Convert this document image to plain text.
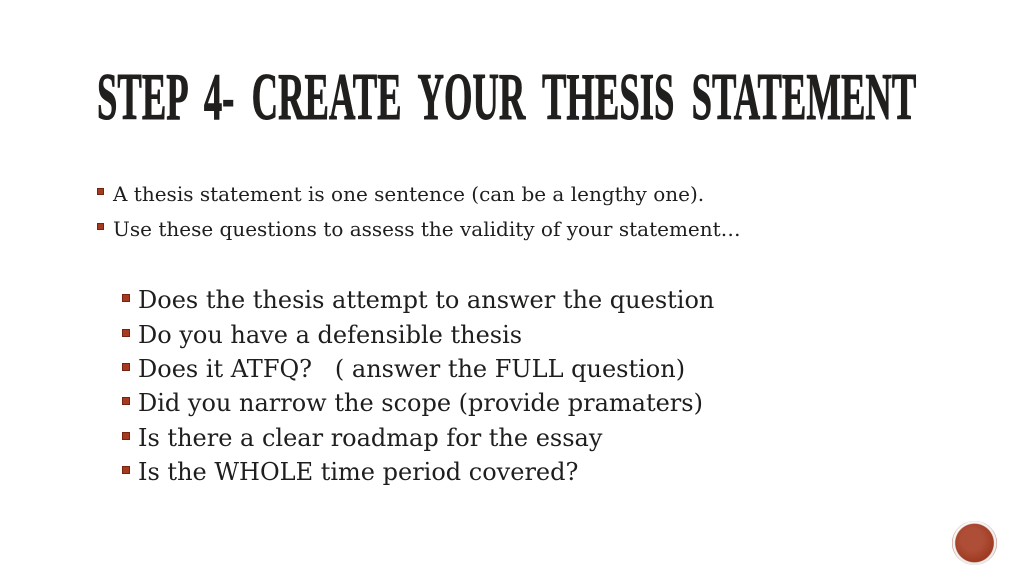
STEP 4- CREATE YOUR THESIS STATEMENT
A thesis statement is one sentence (can be a lengthy one).
Use these questions to assess the validity of your statement…
Does the thesis attempt to answer the question
Do you have a defensible thesis
Does it ATFQ?   ( answer the FULL question)
Did you narrow the scope (provide pramaters)
Is there a clear roadmap for the essay
Is the WHOLE time period covered?
